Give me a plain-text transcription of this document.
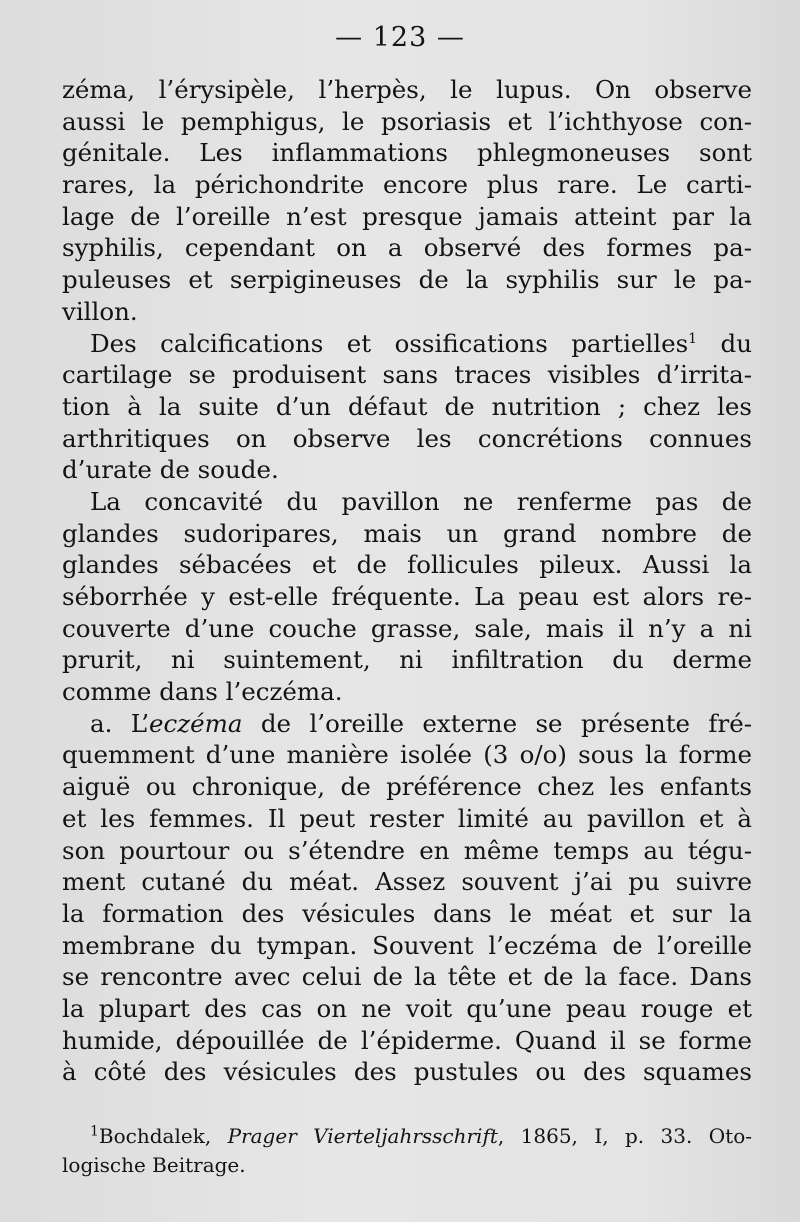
— 123 —
zéma, l’érysipèle, l’herpès, le lupus. On observe
aussi le pemphigus, le psoriasis et l’ichthyose con-
génitale. Les inflammations phlegmoneuses sont
rares, la périchondrite encore plus rare. Le carti-
lage de l’oreille n’est presque jamais atteint par la
syphilis, cependant on a observé des formes pa-
puleuses et serpigineuses de la syphilis sur le pa-
villon.
Des calcifications et ossifications partielles$^1$ du
cartilage se produisent sans traces visibles d’irrita-
tion à la suite d’un défaut de nutrition ; chez les
arthritiques on observe les concrétions connues
d’urate de soude.
La concavité du pavillon ne renferme pas de
glandes sudoripares, mais un grand nombre de
glandes sébacées et de follicules pileux. Aussi la
séborrhée y est-elle fréquente. La peau est alors re-
couverte d’une couche grasse, sale, mais il n’y a ni
prurit, ni suintement, ni infiltration du derme
comme dans l’eczéma.
a. L’eczéma de l’oreille externe se présente fré-
quemment d’une manière isolée (3 o/o) sous la forme
aiguë ou chronique, de préférence chez les enfants
et les femmes. Il peut rester limité au pavillon et à
son pourtour ou s’étendre en même temps au tégu-
ment cutané du méat. Assez souvent j’ai pu suivre
la formation des vésicules dans le méat et sur la
membrane du tympan. Souvent l’eczéma de l’oreille
se rencontre avec celui de la tête et de la face. Dans
la plupart des cas on ne voit qu’une peau rouge et
humide, dépouillée de l’épiderme. Quand il se forme
à côté des vésicules des pustules ou des squames
$^1$Bochdalek, Prager Vierteljahrsschrift, 1865, I, p. 33. Oto-
logische Beitrage.
